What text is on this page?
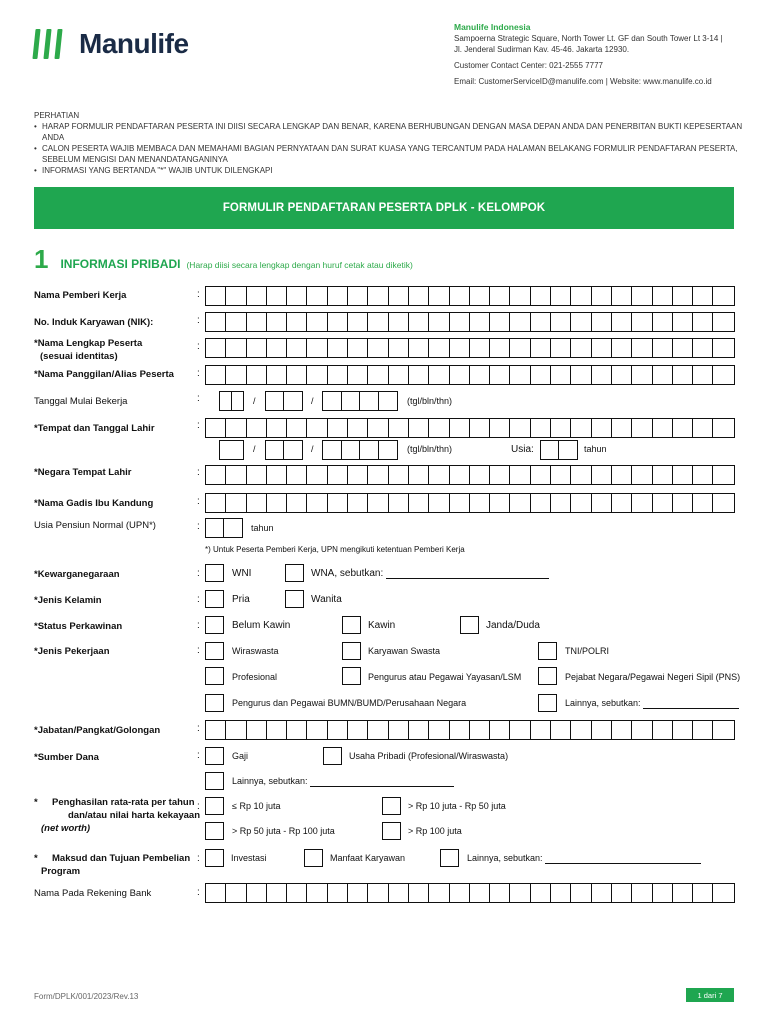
Manulife
Manulife Indonesia
Sampoerna Strategic Square, North Tower Lt. GF dan South Tower Lt 3-14 |
Jl. Jenderal Sudirman Kav. 45-46. Jakarta 12930.
Customer Contact Center: 021-2555 7777
Email: CustomerServiceID@manulife.com | Website: www.manulife.co.id
PERHATIAN
• HARAP FORMULIR PENDAFTARAN PESERTA INI DIISI SECARA LENGKAP DAN BENAR, KARENA BERHUBUNGAN DENGAN MASA DEPAN ANDA DAN PENERBITAN BUKTI KEPESERTAAN ANDA
• CALON PESERTA WAJIB MEMBACA DAN MEMAHAMI BAGIAN PERNYATAAN DAN SURAT KUASA YANG TERCANTUM PADA HALAMAN BELAKANG FORMULIR PENDAFTARAN PESERTA, SEBELUM MENGISI DAN MENANDATANGANINYA
• INFORMASI YANG BERTANDA "*" WAJIB UNTUK DILENGKAPI
FORMULIR PENDAFTARAN PESERTA DPLK - KELOMPOK
1 INFORMASI PRIBADI (Harap diisi secara lengkap dengan huruf cetak atau diketik)
Nama Pemberi Kerja	:
No. Induk Karyawan (NIK):	:
*Nama Lengkap Peserta
(sesuai identitas)
:
*Nama Panggilan/Alias Peserta :
Tanggal Mulai Bekerja	:	/	/	(tgl/bln/thn)
*Tempat dan Tanggal Lahir	:
/	/	(tgl/bln/thn)	Usia:	tahun
*Negara Tempat Lahir	:
*Nama Gadis Ibu Kandung	:
Usia Pensiun Normal (UPN*)	:	tahun
*) Untuk Peserta Pemberi Kerja, UPN mengikuti ketentuan Pemberi Kerja
*Kewarganegaraan	:	WNI	WNA, sebutkan:
*Jenis Kelamin	:	Pria	Wanita
*Status Perkawinan	:	Belum Kawin	Kawin	Janda/Duda
*Jenis Pekerjaan	:	Wiraswasta	Karyawan Swasta	TNI/POLRI
Profesional	Pengurus atau Pegawai Yayasan/LSM	Pejabat Negara/Pegawai Negeri Sipil (PNS)
Pengurus dan Pegawai BUMN/BUMD/Perusahaan Negara	Lainnya, sebutkan:
*Jabatan/Pangkat/Golongan	:
*Sumber Dana	:	Gaji	Usaha Pribadi (Profesional/Wiraswasta)
Lainnya, sebutkan:
* Penghasilan rata-rata per tahun
dan/atau nilai harta kekayaan
(net worth)
:	≤ Rp 10 juta	> Rp 10 juta - Rp 50 juta
> Rp 50 juta - Rp 100 juta	> Rp 100 juta
* Maksud dan Tujuan Pembelian
Program
:	Investasi	Manfaat Karyawan	Lainnya, sebutkan:
Nama Pada Rekening Bank	:
Form/DPLK/001/2023/Rev.13	1 dari 7
